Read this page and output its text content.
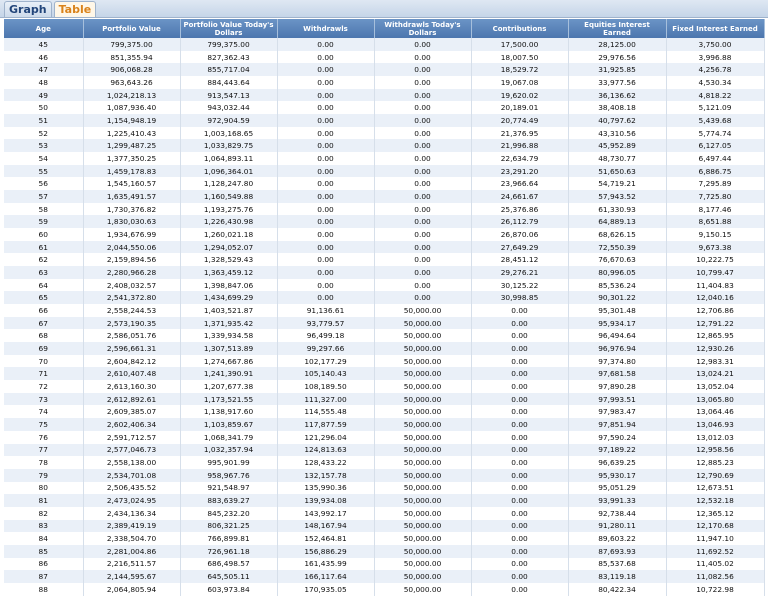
Graph	Table
Age	Portfolio Value	Portfolio Value Today's Dollars	Withdrawls	Withdrawls Today's Dollars	Contributions	Equities Interest Earned	Fixed Interest Earned
45	799,375.00	799,375.00	0.00	0.00	17,500.00	28,125.00	3,750.00
46	851,355.94	827,362.43	0.00	0.00	18,007.50	29,976.56	3,996.88
47	906,068.28	855,717.04	0.00	0.00	18,529.72	31,925.85	4,256.78
48	963,643.26	884,443.64	0.00	0.00	19,067.08	33,977.56	4,530.34
49	1,024,218.13	913,547.13	0.00	0.00	19,620.02	36,136.62	4,818.22
50	1,087,936.40	943,032.44	0.00	0.00	20,189.01	38,408.18	5,121.09
51	1,154,948.19	972,904.59	0.00	0.00	20,774.49	40,797.62	5,439.68
52	1,225,410.43	1,003,168.65	0.00	0.00	21,376.95	43,310.56	5,774.74
53	1,299,487.25	1,033,829.75	0.00	0.00	21,996.88	45,952.89	6,127.05
54	1,377,350.25	1,064,893.11	0.00	0.00	22,634.79	48,730.77	6,497.44
55	1,459,178.83	1,096,364.01	0.00	0.00	23,291.20	51,650.63	6,886.75
56	1,545,160.57	1,128,247.80	0.00	0.00	23,966.64	54,719.21	7,295.89
57	1,635,491.57	1,160,549.88	0.00	0.00	24,661.67	57,943.52	7,725.80
58	1,730,376.82	1,193,275.76	0.00	0.00	25,376.86	61,330.93	8,177.46
59	1,830,030.63	1,226,430.98	0.00	0.00	26,112.79	64,889.13	8,651.88
60	1,934,676.99	1,260,021.18	0.00	0.00	26,870.06	68,626.15	9,150.15
61	2,044,550.06	1,294,052.07	0.00	0.00	27,649.29	72,550.39	9,673.38
62	2,159,894.56	1,328,529.43	0.00	0.00	28,451.12	76,670.63	10,222.75
63	2,280,966.28	1,363,459.12	0.00	0.00	29,276.21	80,996.05	10,799.47
64	2,408,032.57	1,398,847.06	0.00	0.00	30,125.22	85,536.24	11,404.83
65	2,541,372.80	1,434,699.29	0.00	0.00	30,998.85	90,301.22	12,040.16
66	2,558,244.53	1,403,521.87	91,136.61	50,000.00	0.00	95,301.48	12,706.86
67	2,573,190.35	1,371,935.42	93,779.57	50,000.00	0.00	95,934.17	12,791.22
68	2,586,051.76	1,339,934.58	96,499.18	50,000.00	0.00	96,494.64	12,865.95
69	2,596,661.31	1,307,513.89	99,297.66	50,000.00	0.00	96,976.94	12,930.26
70	2,604,842.12	1,274,667.86	102,177.29	50,000.00	0.00	97,374.80	12,983.31
71	2,610,407.48	1,241,390.91	105,140.43	50,000.00	0.00	97,681.58	13,024.21
72	2,613,160.30	1,207,677.38	108,189.50	50,000.00	0.00	97,890.28	13,052.04
73	2,612,892.61	1,173,521.55	111,327.00	50,000.00	0.00	97,993.51	13,065.80
74	2,609,385.07	1,138,917.60	114,555.48	50,000.00	0.00	97,983.47	13,064.46
75	2,602,406.34	1,103,859.67	117,877.59	50,000.00	0.00	97,851.94	13,046.93
76	2,591,712.57	1,068,341.79	121,296.04	50,000.00	0.00	97,590.24	13,012.03
77	2,577,046.73	1,032,357.94	124,813.63	50,000.00	0.00	97,189.22	12,958.56
78	2,558,138.00	995,901.99	128,433.22	50,000.00	0.00	96,639.25	12,885.23
79	2,534,701.08	958,967.76	132,157.78	50,000.00	0.00	95,930.17	12,790.69
80	2,506,435.52	921,548.97	135,990.36	50,000.00	0.00	95,051.29	12,673.51
81	2,473,024.95	883,639.27	139,934.08	50,000.00	0.00	93,991.33	12,532.18
82	2,434,136.34	845,232.20	143,992.17	50,000.00	0.00	92,738.44	12,365.12
83	2,389,419.19	806,321.25	148,167.94	50,000.00	0.00	91,280.11	12,170.68
84	2,338,504.70	766,899.81	152,464.81	50,000.00	0.00	89,603.22	11,947.10
85	2,281,004.86	726,961.18	156,886.29	50,000.00	0.00	87,693.93	11,692.52
86	2,216,511.57	686,498.57	161,435.99	50,000.00	0.00	85,537.68	11,405.02
87	2,144,595.67	645,505.11	166,117.64	50,000.00	0.00	83,119.18	11,082.56
88	2,064,805.94	603,973.84	170,935.05	50,000.00	0.00	80,422.34	10,722.98
